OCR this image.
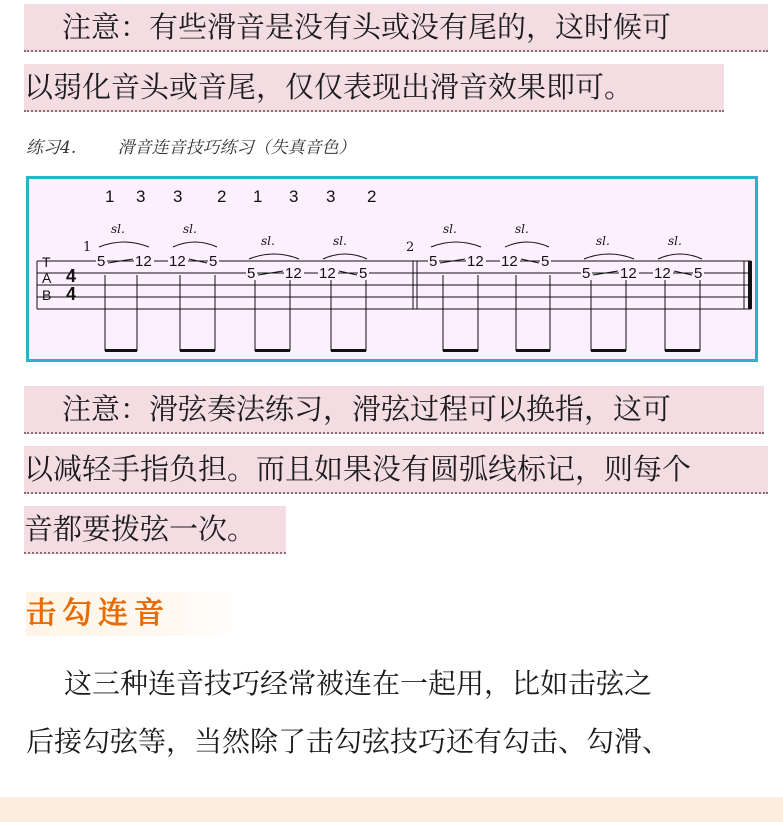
注意：有些滑音是没有头或没有尾的，这时候可
以弱化音头或音尾，仅仅表现出滑音效果即可。
练习4. 滑音连音技巧练习（失真音色）
1 3 3 2 1 3 3 2
sl.	sl.
sl.	sl.
sl.	sl.
sl.	sl.
T
A
B
4
4
1	2
5 12 12 5
5 12 12 5
5 12 12 5
5 12 12 5
注意：滑弦奏法练习，滑弦过程可以换指，这可
以减轻手指负担。而且如果没有圆弧线标记，则每个
音都要拨弦一次。
击勾连音
这三种连音技巧经常被连在一起用，比如击弦之
后接勾弦等，当然除了击勾弦技巧还有勾击、勾滑、
